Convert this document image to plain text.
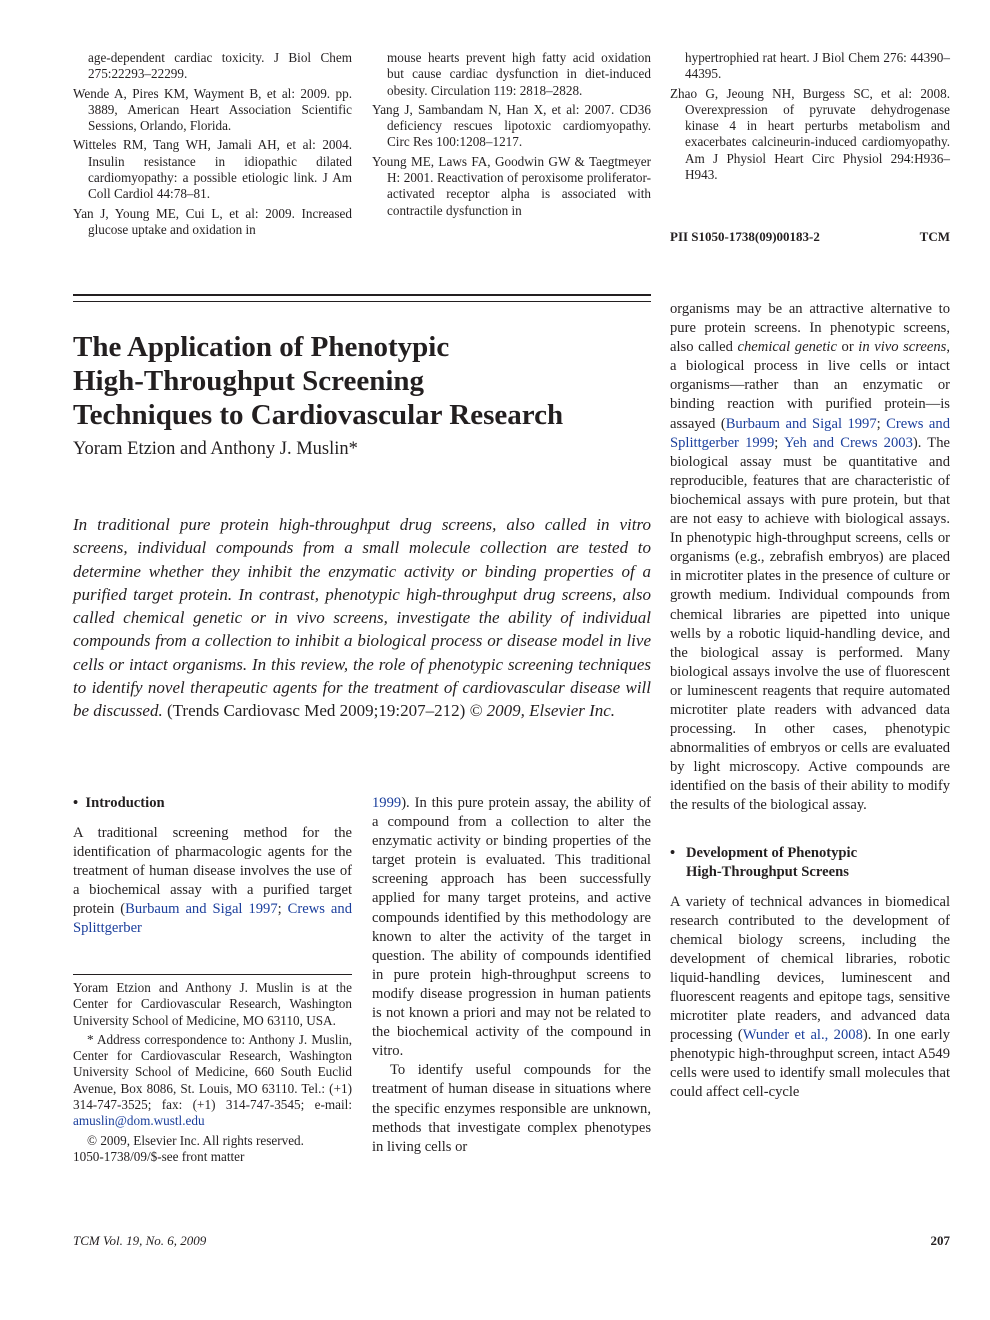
age-dependent cardiac toxicity. J Biol Chem 275:22293–22299.

Wende A, Pires KM, Wayment B, et al: 2009. pp. 3889, American Heart Association Scientific Sessions, Orlando, Florida.

Witteles RM, Tang WH, Jamali AH, et al: 2004. Insulin resistance in idiopathic dilated cardiomyopathy: a possible etiologic link. J Am Coll Cardiol 44:78–81.

Yan J, Young ME, Cui L, et al: 2009. Increased glucose uptake and oxidation in

mouse hearts prevent high fatty acid oxidation but cause cardiac dysfunction in diet-induced obesity. Circulation 119: 2818–2828.

Yang J, Sambandam N, Han X, et al: 2007. CD36 deficiency rescues lipotoxic cardiomyopathy. Circ Res 100:1208–1217.

Young ME, Laws FA, Goodwin GW & Taegtmeyer H: 2001. Reactivation of peroxisome proliferator-activated receptor alpha is associated with contractile dysfunction in

hypertrophied rat heart. J Biol Chem 276: 44390–44395.

Zhao G, Jeoung NH, Burgess SC, et al: 2008. Overexpression of pyruvate dehydrogenase kinase 4 in heart perturbs metabolism and exacerbates calcineurin-induced cardiomyopathy. Am J Physiol Heart Circ Physiol 294:H936–H943.

PII S1050-1738(09)00183-2	TCM

The Application of Phenotypic

High-Throughput Screening

Techniques to Cardiovascular Research

Yoram Etzion and Anthony J. Muslin*

In traditional pure protein high-throughput drug screens, also called in vitro screens, individual compounds from a small molecule collection are tested to determine whether they inhibit the enzymatic activity or binding properties of a purified target protein. In contrast, phenotypic high-throughput drug screens, also called chemical genetic or in vivo screens, investigate the ability of individual compounds from a collection to inhibit a biological process or disease model in live cells or intact organisms. In this review, the role of phenotypic screening techniques to identify novel therapeutic agents for the treatment of cardiovascular disease will be discussed. (Trends Cardiovasc Med 2009;19:207–212) © 2009, Elsevier Inc.

• Introduction

A traditional screening method for the identification of pharmacologic agents for the treatment of human disease involves the use of a biochemical assay with a purified target protein (Burbaum and Sigal 1997; Crews and Splittgerber

Yoram Etzion and Anthony J. Muslin is at the Center for Cardiovascular Research, Washington University School of Medicine, MO 63110, USA.

* Address correspondence to: Anthony J. Muslin, Center for Cardiovascular Research, Washington University School of Medicine, 660 South Euclid Avenue, Box 8086, St. Louis, MO 63110. Tel.: (+1) 314-747-3525; fax: (+1) 314-747-3545; e-mail: amuslin@dom.wustl.edu

© 2009, Elsevier Inc. All rights reserved.

1050-1738/09/$-see front matter

1999). In this pure protein assay, the ability of a compound from a collection to alter the enzymatic activity or binding properties of the target protein is evaluated. This traditional screening approach has been successfully applied for many target proteins, and active compounds identified by this methodology are known to alter the activity of the target in question. The ability of compounds identified in pure protein high-throughput screens to modify disease progression in human patients is not known a priori and may not be related to the biochemical activity of the compound in vitro.

To identify useful compounds for the treatment of human disease in situations where the specific enzymes responsible are unknown, methods that investigate complex phenotypes in living cells or

organisms may be an attractive alternative to pure protein screens. In phenotypic screens, also called chemical genetic or in vivo screens, a biological process in live cells or intact organisms—rather than an enzymatic or binding reaction with purified protein—is assayed (Burbaum and Sigal 1997; Crews and Splittgerber 1999; Yeh and Crews 2003). The biological assay must be quantitative and reproducible, features that are characteristic of biochemical assays with pure protein, but that are not easy to achieve with biological assays. In phenotypic high-throughput screens, cells or organisms (e.g., zebrafish embryos) are placed in microtiter plates in the presence of culture or growth medium. Individual compounds from chemical libraries are pipetted into unique wells by a robotic liquid-handling device, and the biological assay is performed. Many biological assays involve the use of fluorescent or luminescent reagents that require automated microtiter plate readers with advanced data processing. In other cases, phenotypic abnormalities of embryos or cells are evaluated by light microscopy. Active compounds are identified on the basis of their ability to modify the results of the biological assay.

• Development of Phenotypic

High-Throughput Screens

A variety of technical advances in biomedical research contributed to the development of chemical biology screens, including the development of chemical libraries, robotic liquid-handling devices, luminescent and fluorescent reagents and epitope tags, sensitive microtiter plate readers, and advanced data processing (Wunder et al., 2008). In one early phenotypic high-throughput screen, intact A549 cells were used to identify small molecules that could affect cell-cycle

TCM Vol. 19, No. 6, 2009	207
